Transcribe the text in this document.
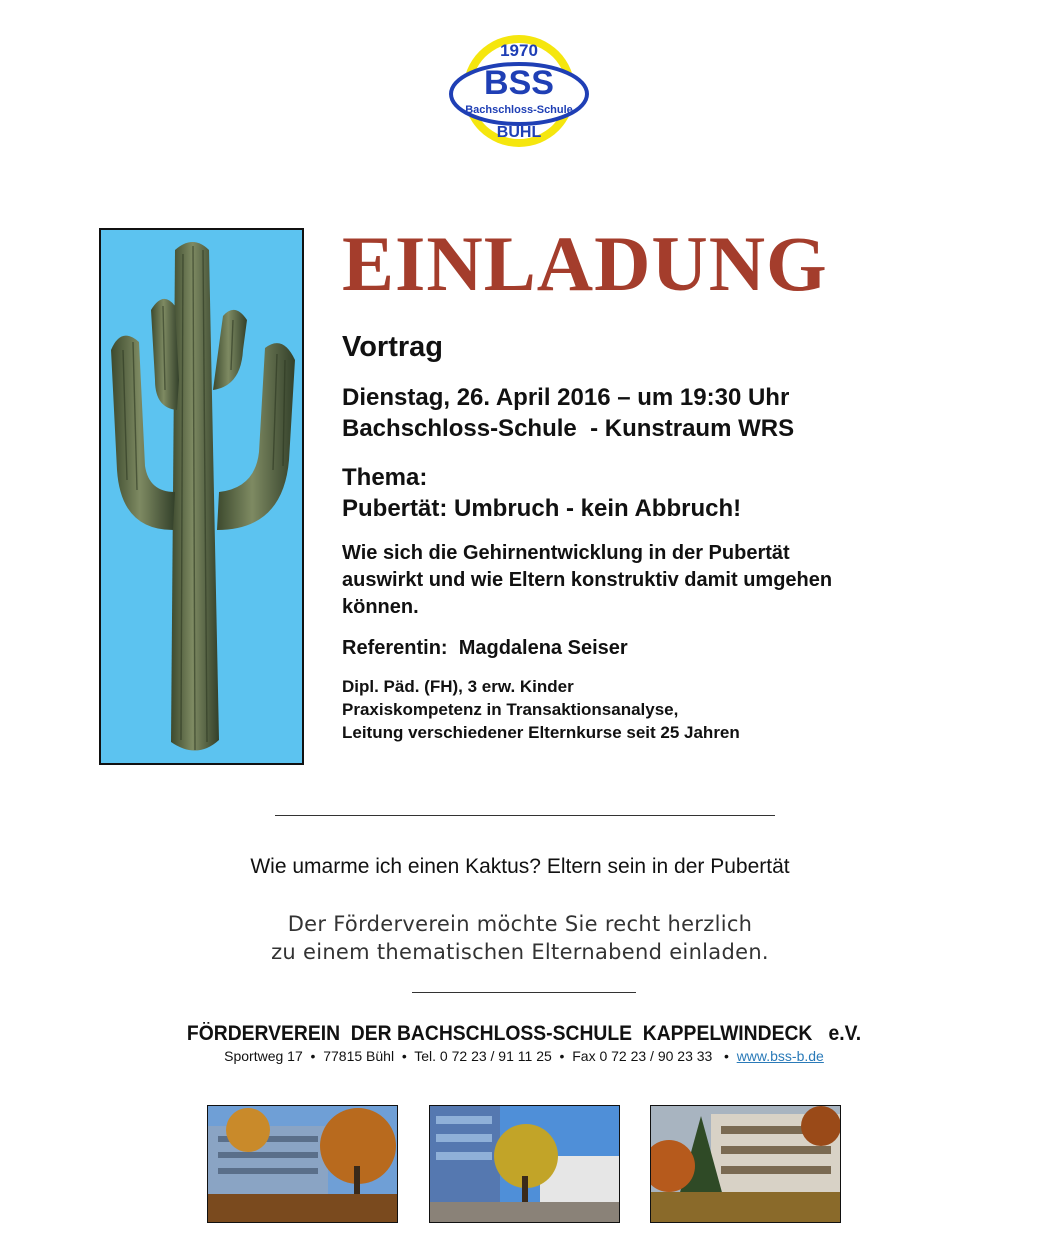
1970
BSS
Bachschloss-Schule
BÜHL
EINLADUNG
Vortrag
Dienstag, 26. April 2016 – um 19:30 Uhr
Bachschloss-Schule  - Kunstraum WRS
Thema:
Pubertät: Umbruch - kein Abbruch!
Wie sich die Gehirnentwicklung in der Pubertät
auswirkt und wie Eltern konstruktiv damit umgehen
können.
Referentin:  Magdalena Seiser
Dipl. Päd. (FH), 3 erw. Kinder
Praxiskompetenz in Transaktionsanalyse,
Leitung verschiedener Elternkurse seit 25 Jahren
Wie umarme ich einen Kaktus? Eltern sein in der Pubertät
Der Förderverein möchte Sie recht herzlich
zu einem thematischen Elternabend einladen.
FÖRDERVEREIN  DER BACHSCHLOSS-SCHULE  KAPPELWINDECK   e.V.
Sportweg 17  •  77815 Bühl  •  Tel. 0 72 23 / 91 11 25  •  Fax 0 72 23 / 90 23 33   •  www.bss-b.de
